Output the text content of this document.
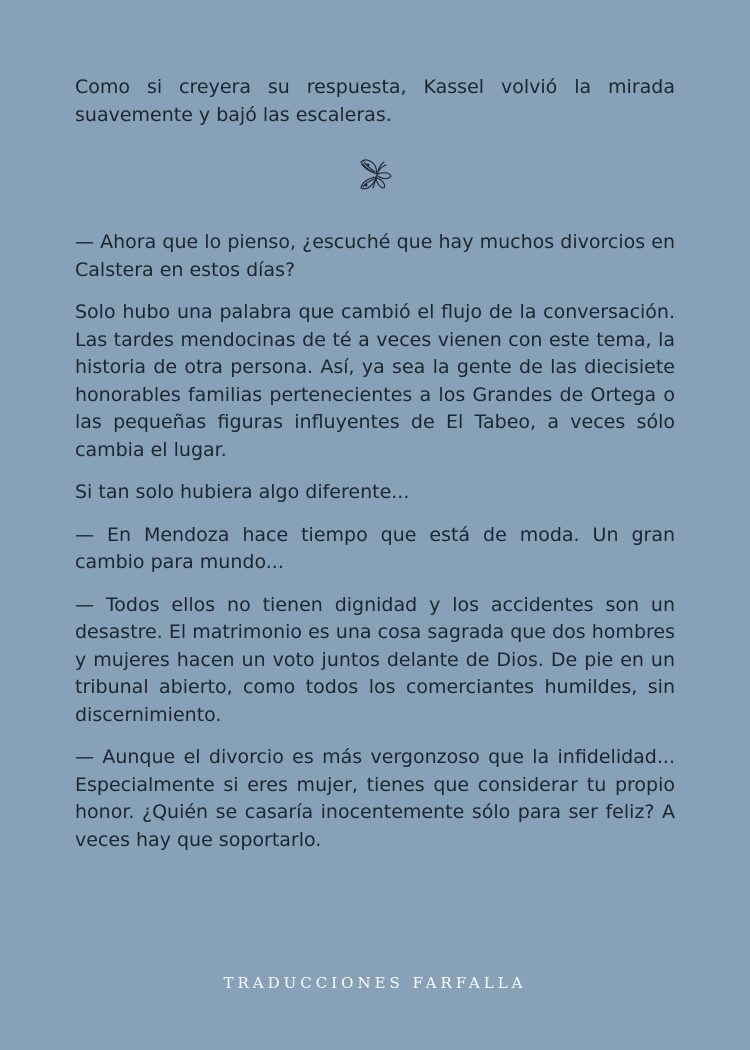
Como si creyera su respuesta, Kassel volvió la mirada suavemente y bajó las escaleras.

— Ahora que lo pienso, ¿escuché que hay muchos divorcios en Calstera en estos días?

Solo hubo una palabra que cambió el flujo de la conversación. Las tardes mendocinas de té a veces vienen con este tema, la historia de otra persona. Así, ya sea la gente de las diecisiete honorables familias pertenecientes a los Grandes de Ortega o las pequeñas figuras influyentes de El Tabeo, a veces sólo cambia el lugar.

Si tan solo hubiera algo diferente...

— En Mendoza hace tiempo que está de moda. Un gran cambio para mundo...

— Todos ellos no tienen dignidad y los accidentes son un desastre. El matrimonio es una cosa sagrada que dos hombres y mujeres hacen un voto juntos delante de Dios. De pie en un tribunal abierto, como todos los comerciantes humildes, sin discernimiento.

— Aunque el divorcio es más vergonzoso que la infidelidad... Especialmente si eres mujer, tienes que considerar tu propio honor. ¿Quién se casaría inocentemente sólo para ser feliz? A veces hay que soportarlo.

TRADUCCIONES FARFALLA
